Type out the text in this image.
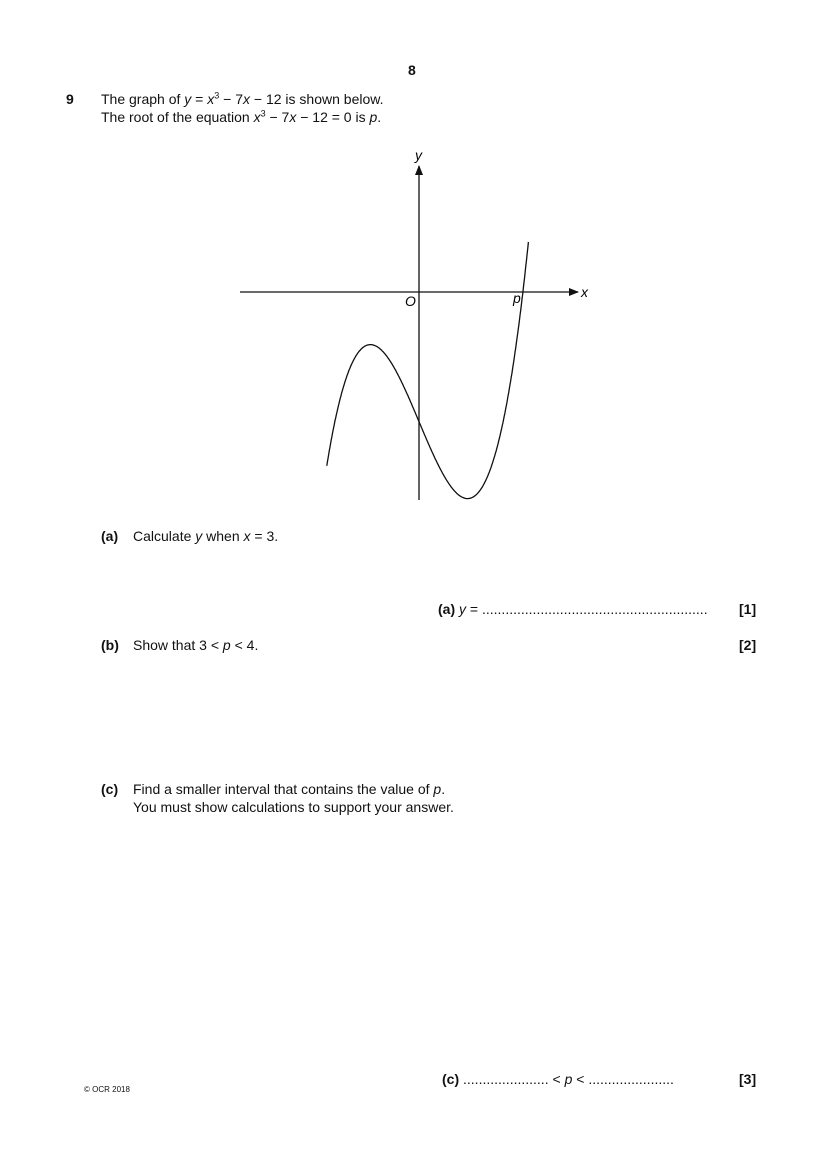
8
9 The graph of $y = x^3 - 7x - 12$ is shown below.
The root of the equation $x^3 - 7x - 12 = 0$ is p.
y
x
O	p
(a) Calculate y when x = 3.
(a) y = .......................................................... [1]
(b) Show that 3 < p < 4.	[2]
(c) Find a smaller interval that contains the value of p.
You must show calculations to support your answer.
(c) ...................... < p < ......................	[3]
© OCR 2018
